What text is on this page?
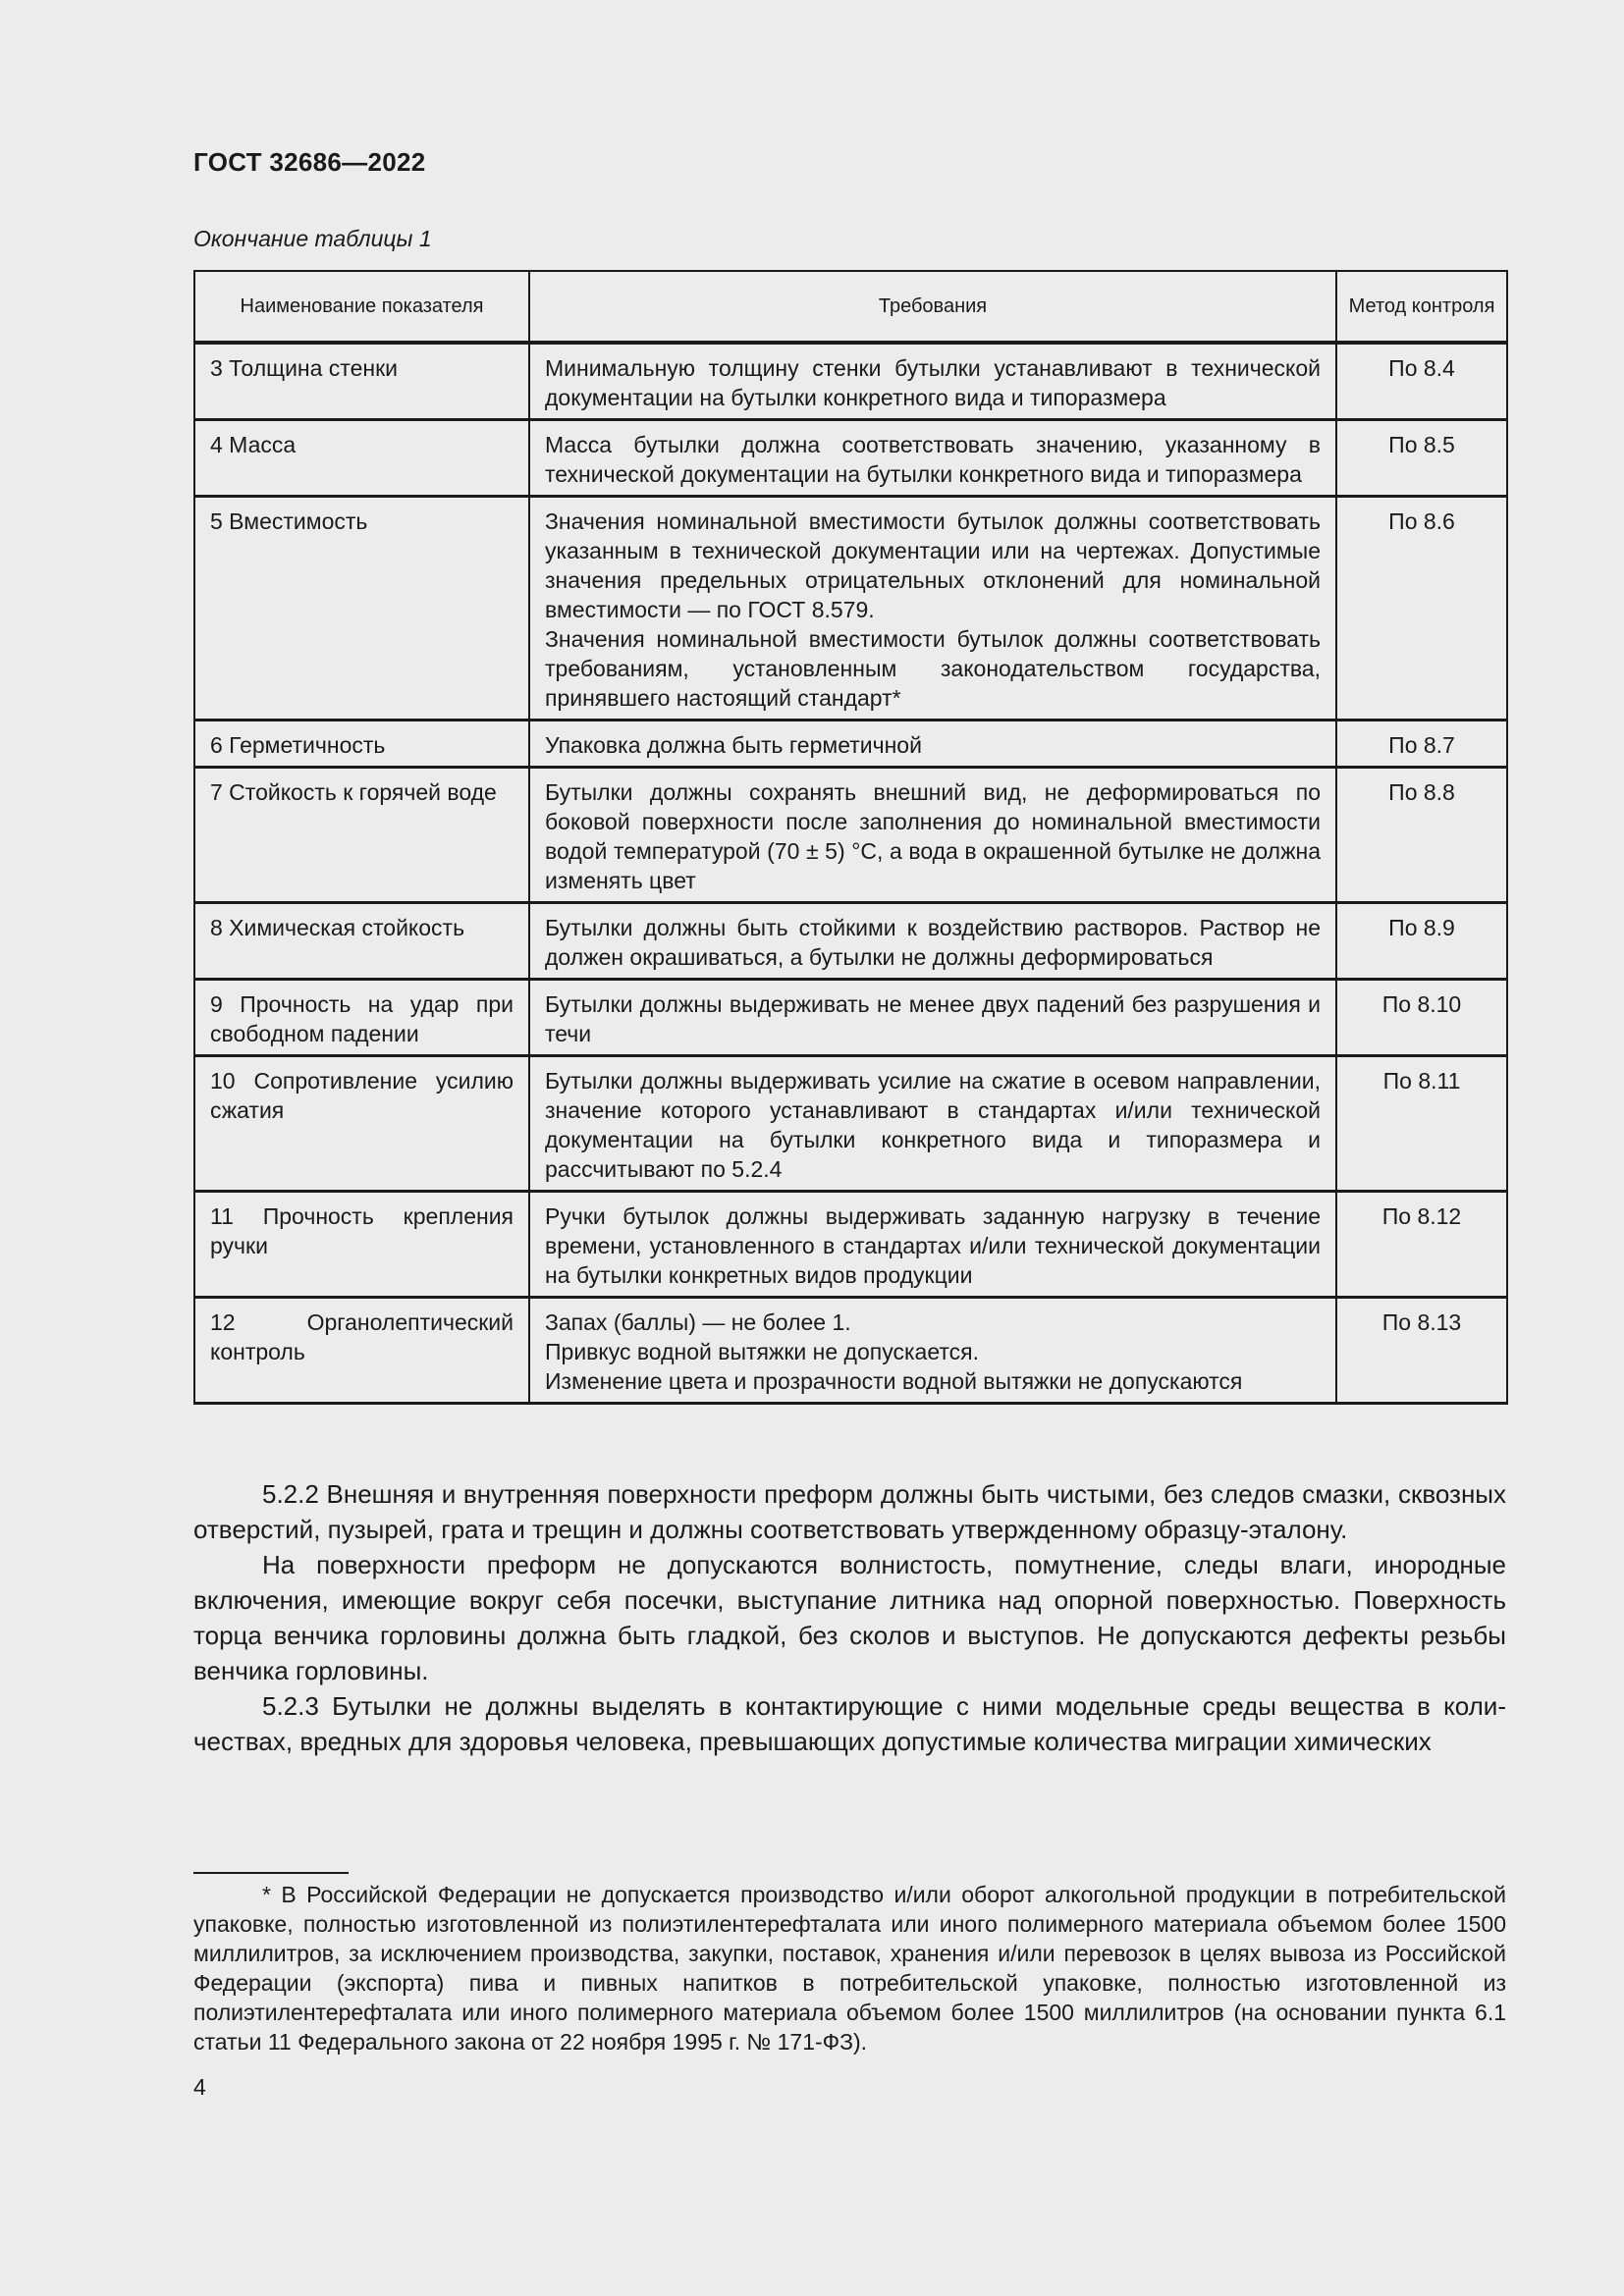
ГОСТ 32686—2022
Окончание таблицы 1
Наименование показателя	Требования	Метод контроля
3 Толщина стенки	Минимальную толщину стенки бутылки устанавливают в технической документации на бутылки конкретного вида и типоразмера	По 8.4
4 Масса	Масса бутылки должна соответствовать значению, указанному в технической документации на бутылки конкретного вида и типоразмера	По 8.5
5 Вместимость	Значения номинальной вместимости бутылок должны соответствовать указанным в технической документации или на чертежах. Допустимые значения предельных отрицательных отклонений для номинальной вместимости — по ГОСТ 8.579.

Значения номинальной вместимости бутылок должны соответствовать требованиям, установленным законодательством государства, принявшего настоящий стандарт*	По 8.6
6 Герметичность	Упаковка должна быть герметичной	По 8.7
7 Стойкость к горячей воде	Бутылки должны сохранять внешний вид, не деформироваться по боковой поверхности после заполнения до номинальной вместимости водой температурой (70 ± 5) °С, а вода в окрашенной бутылке не должна изменять цвет	По 8.8
8 Химическая стойкость	Бутылки должны быть стойкими к воздействию растворов. Раствор не должен окрашиваться, а бутылки не должны деформироваться	По 8.9
9 Прочность на удар при свободном падении	Бутылки должны выдерживать не менее двух падений без разрушения и течи	По 8.10
10 Сопротивление усилию сжатия	Бутылки должны выдерживать усилие на сжатие в осевом направлении, значение которого устанавливают в стандартах и/или технической документации на бутылки конкретного вида и типоразмера и рассчитывают по 5.2.4	По 8.11
11 Прочность крепления ручки	Ручки бутылок должны выдерживать заданную нагрузку в течение времени, установленного в стандартах и/или технической документации на бутылки конкретных видов продукции	По 8.12
12 Органолептический контроль	Запах (баллы) — не более 1.

Привкус водной вытяжки не допускается.

Изменение цвета и прозрачности водной вытяжки не допускаются	По 8.13

5.2.2 Внешняя и внутренняя поверхности преформ должны быть чистыми, без следов смазки, сквозных отверстий, пузырей, грата и трещин и должны соответствовать утвержденному образцу-эталону.

На поверхности преформ не допускаются волнистость, помутнение, следы влаги, инородные включения, имеющие вокруг себя посечки, выступание литника над опорной поверхностью. Поверхность торца венчика горловины должна быть гладкой, без сколов и выступов. Не допускаются дефекты резьбы венчика горловины.

5.2.3 Бутылки не должны выделять в контактирующие с ними модельные среды вещества в количествах, вредных для здоровья человека, превышающих допустимые количества миграции химических

* В Российской Федерации не допускается производство и/или оборот алкогольной продукции в потребительской упаковке, полностью изготовленной из полиэтилентерефталата или иного полимерного материала объемом более 1500 миллилитров, за исключением производства, закупки, поставок, хранения и/или перевозок в целях вывоза из Российской Федерации (экспорта) пива и пивных напитков в потребительской упаковке, полностью изготовленной из полиэтилентерефталата или иного полимерного материала объемом более 1500 миллилитров (на основании пункта 6.1 статьи 11 Федерального закона от 22 ноября 1995 г. № 171-ФЗ).

4
